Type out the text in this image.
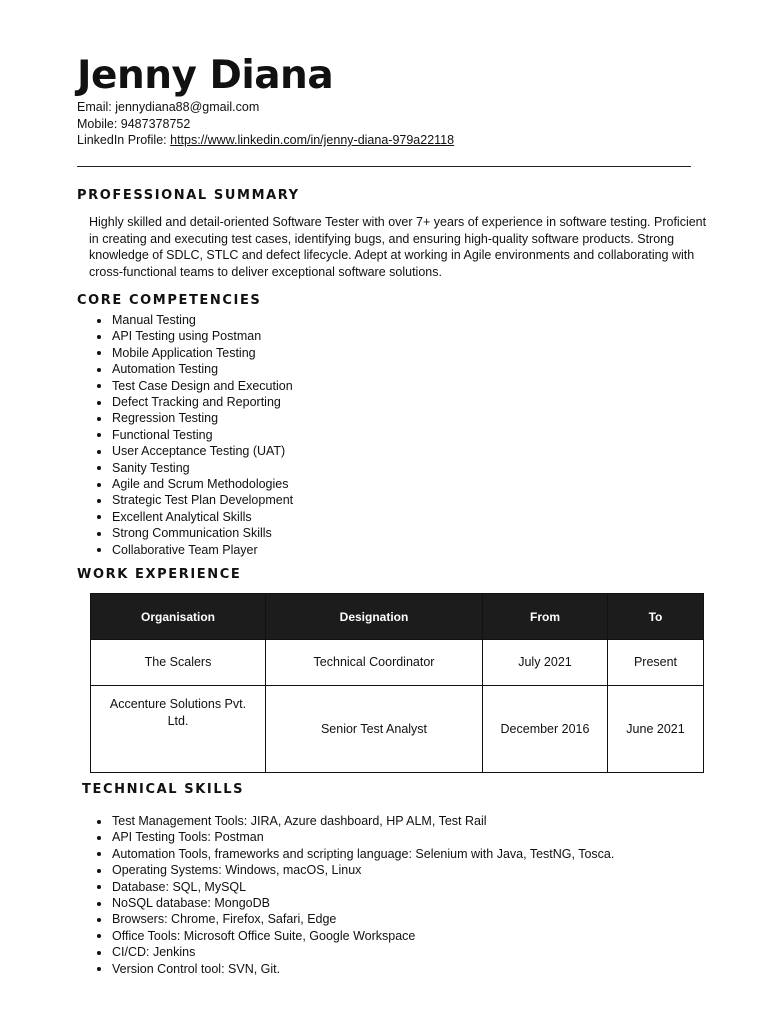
Jenny Diana
Email: jennydiana88@gmail.com
Mobile: 9487378752
LinkedIn Profile: https://www.linkedin.com/in/jenny-diana-979a22118
PROFESSIONAL SUMMARY

Highly skilled and detail-oriented Software Tester with over 7+ years of experience in software testing. Proficient in creating and executing test cases, identifying bugs, and ensuring high-quality software products. Strong knowledge of SDLC, STLC and defect lifecycle. Adept at working in Agile environments and collaborating with cross-functional teams to deliver exceptional software solutions.

CORE COMPETENCIES
Manual Testing
API Testing using Postman
Mobile Application Testing
Automation Testing
Test Case Design and Execution
Defect Tracking and Reporting
Regression Testing
Functional Testing
User Acceptance Testing (UAT)
Sanity Testing
Agile and Scrum Methodologies
Strategic Test Plan Development
Excellent Analytical Skills
Strong Communication Skills
Collaborative Team Player
WORK EXPERIENCE
Organisation	Designation	From	To
The Scalers	Technical Coordinator	July 2021	Present
Accenture Solutions Pvt. Ltd.	Senior Test Analyst	December 2016	June 2021
TECHNICAL SKILLS
Test Management Tools: JIRA, Azure dashboard, HP ALM, Test Rail
API Testing Tools: Postman
Automation Tools, frameworks and scripting language: Selenium with Java, TestNG, Tosca.
Operating Systems: Windows, macOS, Linux
Database: SQL, MySQL
NoSQL database: MongoDB
Browsers: Chrome, Firefox, Safari, Edge
Office Tools: Microsoft Office Suite, Google Workspace
CI/CD: Jenkins
Version Control tool: SVN, Git.
